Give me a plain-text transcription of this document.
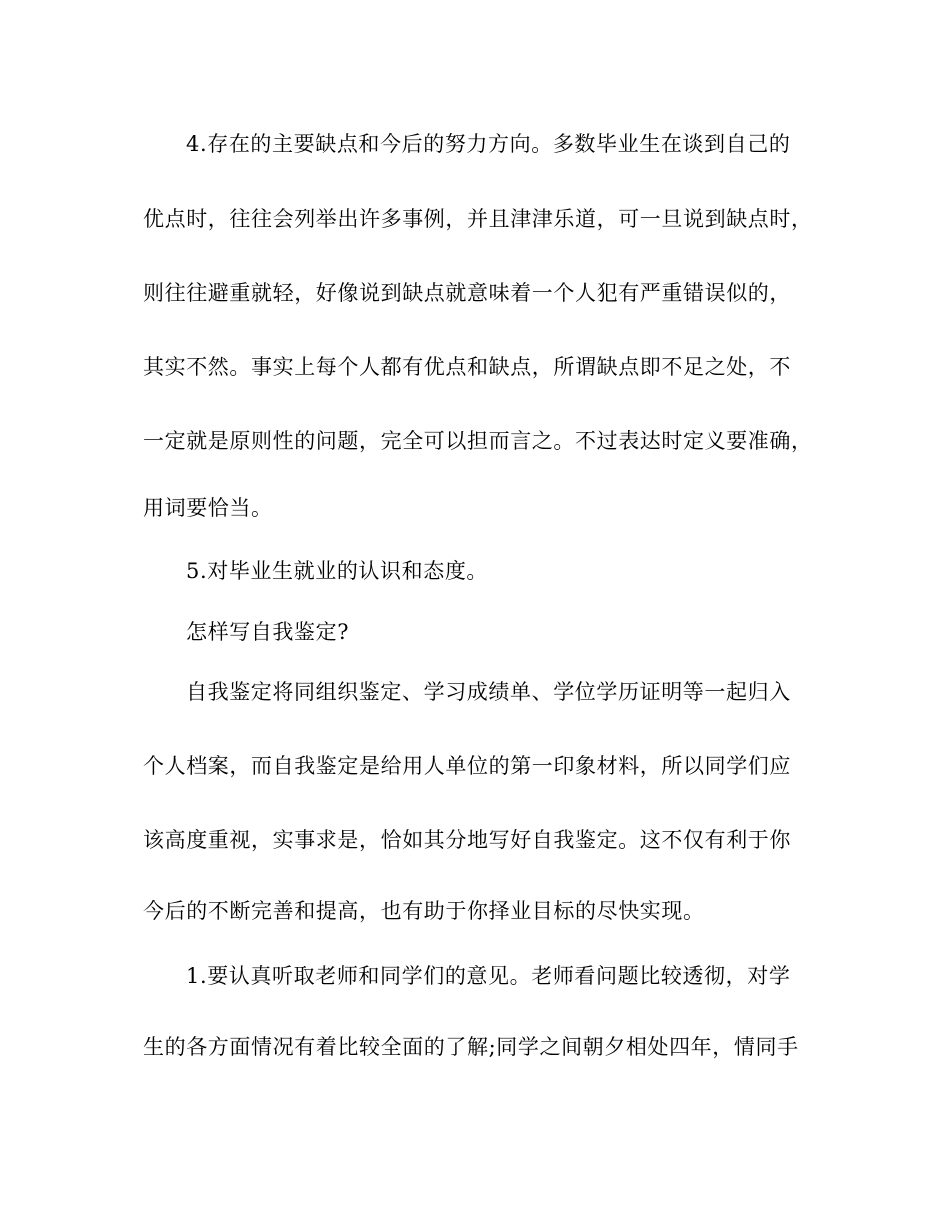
4.存在的主要缺点和今后的努力方向。多数毕业生在谈到自己的
优点时，往往会列举出许多事例，并且津津乐道，可一旦说到缺点时，
则往往避重就轻，好像说到缺点就意味着一个人犯有严重错误似的，
其实不然。事实上每个人都有优点和缺点，所谓缺点即不足之处，不
一定就是原则性的问题，完全可以担而言之。不过表达时定义要准确，
用词要恰当。
5.对毕业生就业的认识和态度。
怎样写自我鉴定?
自我鉴定将同组织鉴定、学习成绩单、学位学历证明等一起归入
个人档案，而自我鉴定是给用人单位的第一印象材料，所以同学们应
该高度重视，实事求是，恰如其分地写好自我鉴定。这不仅有利于你
今后的不断完善和提高，也有助于你择业目标的尽快实现。
1.要认真听取老师和同学们的意见。老师看问题比较透彻，对学
生的各方面情况有着比较全面的了解;同学之间朝夕相处四年，情同手
